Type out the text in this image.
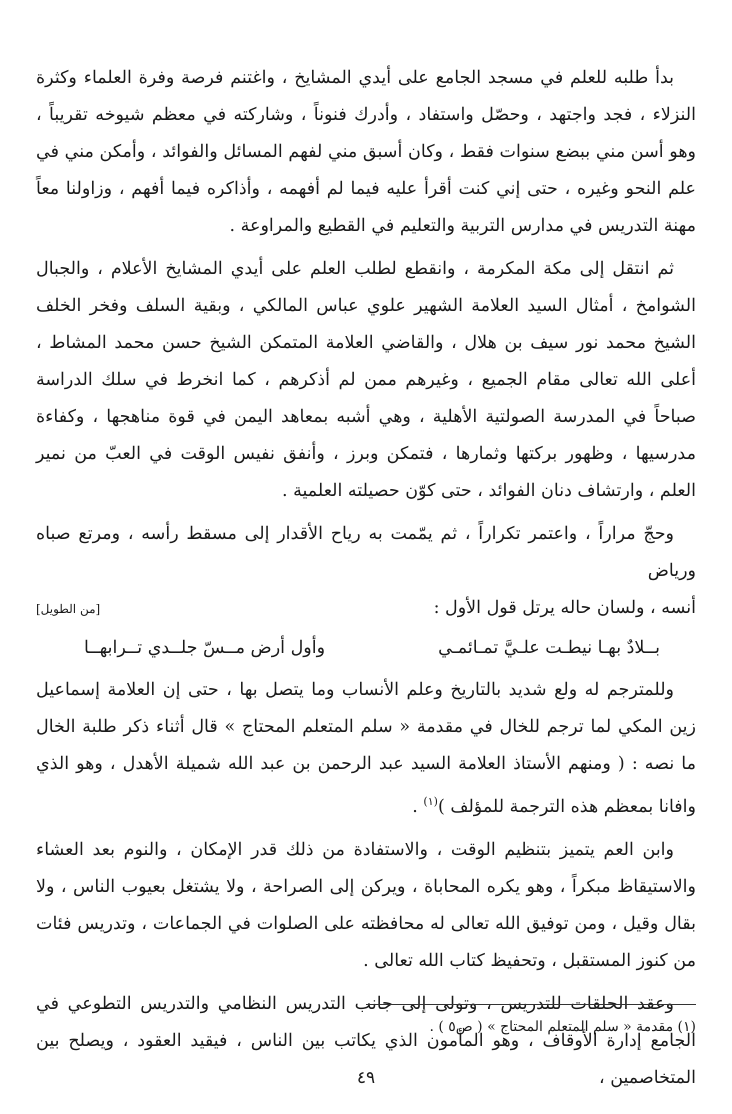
بدأ طلبه للعلم في مسجد الجامع على أيدي المشايخ ، واغتنم فرصة وفرة العلماء وكثرة النزلاء ، فجد واجتهد ، وحصّل واستفاد ، وأدرك فنوناً ، وشاركته في معظم شيوخه تقريباً ، وهو أسن مني ببضع سنوات فقط ، وكان أسبق مني لفهم المسائل والفوائد ، وأمكن مني في علم النحو وغيره ، حتى إني كنت أقرأ عليه فيما لم أفهمه ، وأذاكره فيما أفهم ، وزاولنا معاً مهنة التدريس في مدارس التربية والتعليم في القطيع والمراوعة .

ثم انتقل إلى مكة المكرمة ، وانقطع لطلب العلم على أيدي المشايخ الأعلام ، والجبال الشوامخ ، أمثال السيد العلامة الشهير علوي عباس المالكي ، وبقية السلف وفخر الخلف الشيخ محمد نور سيف بن هلال ، والقاضي العلامة المتمكن الشيخ حسن محمد المشاط ، أعلى الله تعالى مقام الجميع ، وغيرهم ممن لم أذكرهم ، كما انخرط في سلك الدراسة صباحاً في المدرسة الصولتية الأهلية ، وهي أشبه بمعاهد اليمن في قوة مناهجها ، وكفاءة مدرسيها ، وظهور بركتها وثمارها ، فتمكن وبرز ، وأنفق نفيس الوقت في العبّ من نمير العلم ، وارتشاف دنان الفوائد ، حتى كوّن حصيلته العلمية .

وحجّ مراراً ، واعتمر تكراراً ، ثم يمّمت به رياح الأقدار إلى مسقط رأسه ، ومرتع صباه ورياض

أنسه ، ولسان حاله يرتل قول الأول :
[من الطويل]
بــلادٌ بهـا نيطـت علـيَّ تمـائمـي
وأول أرض مــسّ جلــدي تــرابهــا

وللمترجم له ولع شديد بالتاريخ وعلم الأنساب وما يتصل بها ، حتى إن العلامة إسماعيل زين المكي لما ترجم للخال في مقدمة « سلم المتعلم المحتاج » قال أثناء ذكر طلبة الخال ما نصه : ( ومنهم الأستاذ العلامة السيد عبد الرحمن بن عبد الله شميلة الأهدل ، وهو الذي وافانا بمعظم هذه الترجمة للمؤلف )$^{(١)}$ .

وابن العم يتميز بتنظيم الوقت ، والاستفادة من ذلك قدر الإمكان ، والنوم بعد العشاء والاستيقاظ مبكراً ، وهو يكره المحاباة ، ويركن إلى الصراحة ، ولا يشتغل بعيوب الناس ، ولا بقال وقيل ، ومن توفيق الله تعالى له محافظته على الصلوات في الجماعات ، وتدريس فئات من كنوز المستقبل ، وتحفيظ كتاب الله تعالى .

وعقد الحلقات للتدريس ، وتولى إلى جانب التدريس النظامي والتدريس التطوعي في الجامع إدارة الأوقاف ، وهو المأمون الذي يكاتب بين الناس ، فيقيد العقود ، ويصلح بين المتخاصمين ،

(١) مقدمة « سلم المتعلم المحتاج » ( ص٥ ) .
٤٩
